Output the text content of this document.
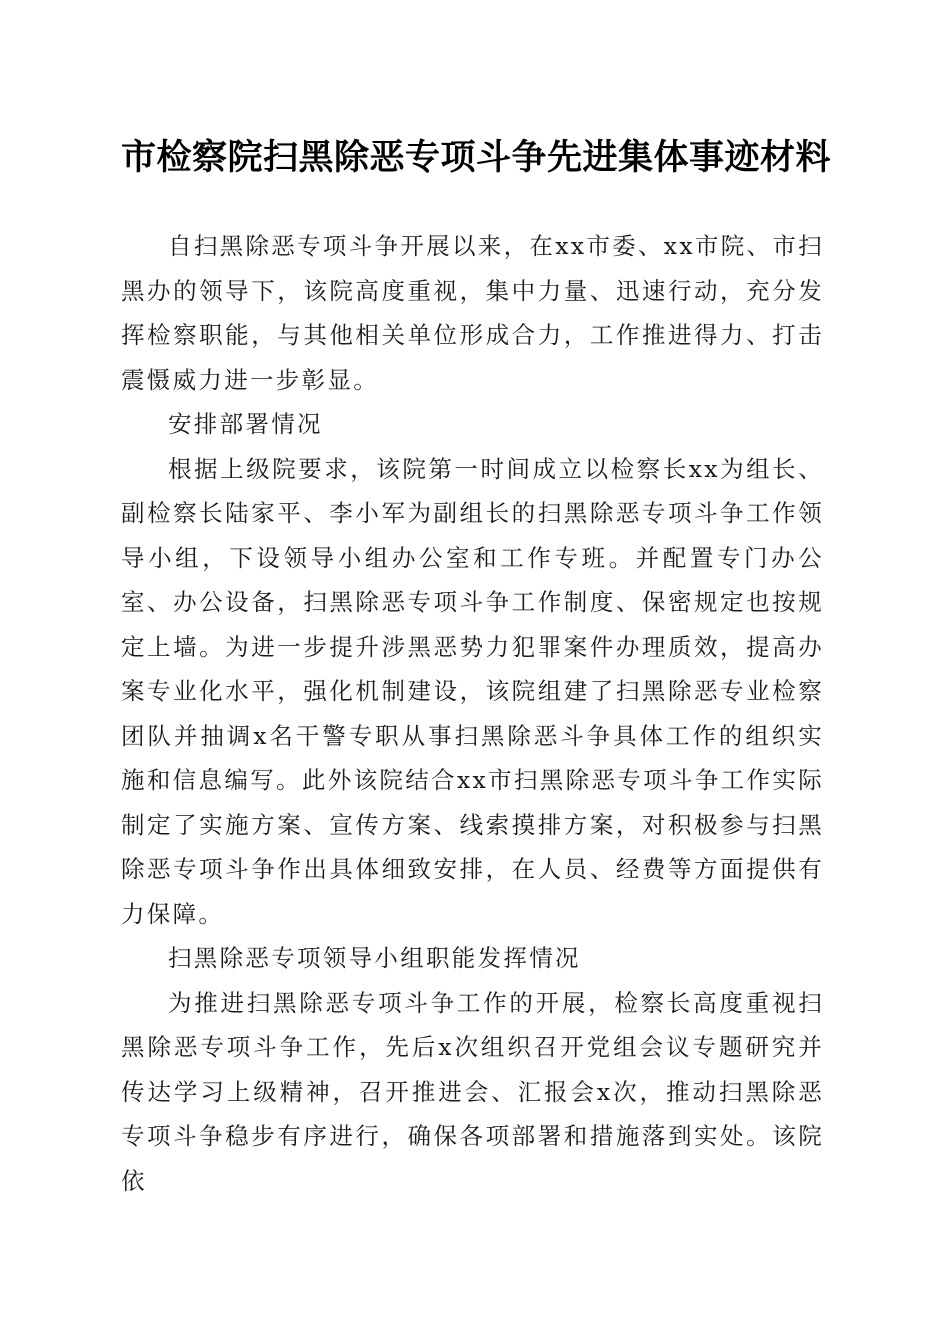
市检察院扫黑除恶专项斗争先进集体事迹材料

自扫黑除恶专项斗争开展以来，在xx市委、xx市院、市扫黑办的领导下，该院高度重视，集中力量、迅速行动，充分发挥检察职能，与其他相关单位形成合力，工作推进得力、打击震慑威力进一步彰显。

安排部署情况

根据上级院要求，该院第一时间成立以检察长xx为组长、副检察长陆家平、李小军为副组长的扫黑除恶专项斗争工作领导小组，下设领导小组办公室和工作专班。并配置专门办公室、办公设备，扫黑除恶专项斗争工作制度、保密规定也按规定上墙。为进一步提升涉黑恶势力犯罪案件办理质效，提高办案专业化水平，强化机制建设，该院组建了扫黑除恶专业检察团队并抽调x名干警专职从事扫黑除恶斗争具体工作的组织实施和信息编写。此外该院结合xx市扫黑除恶专项斗争工作实际制定了实施方案、宣传方案、线索摸排方案，对积极参与扫黑除恶专项斗争作出具体细致安排，在人员、经费等方面提供有力保障。

扫黑除恶专项领导小组职能发挥情况

为推进扫黑除恶专项斗争工作的开展，检察长高度重视扫黑除恶专项斗争工作，先后x次组织召开党组会议专题研究并传达学习上级精神，召开推进会、汇报会x次，推动扫黑除恶专项斗争稳步有序进行，确保各项部署和措施落到实处。该院依
